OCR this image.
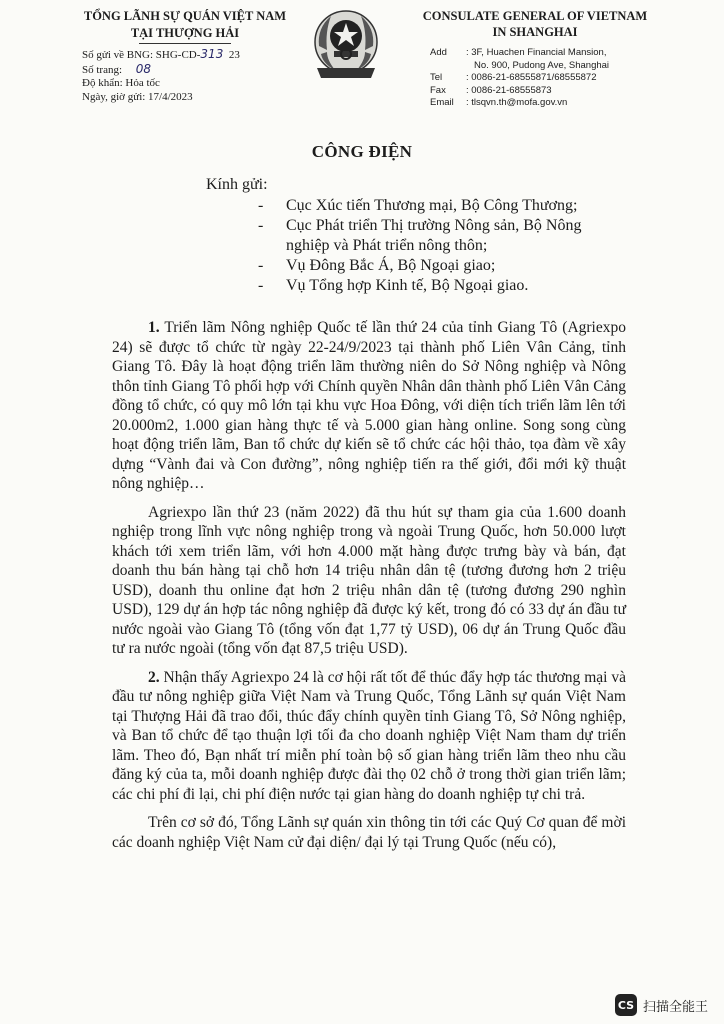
TỔNG LÃNH SỰ QUÁN VIỆT NAM
TẠI THƯỢNG HẢI
Số gửi về BNG: SHG-CD-313 23
Số trang: 08
Độ khẩn: Hỏa tốc
Ngày, giờ gửi: 17/4/2023
CONSULATE GENERAL OF VIETNAM
IN SHANGHAI
Add	: 3F, Huachen Financial Mansion,
No. 900, Pudong Ave, Shanghai
Tel	: 0086-21-68555871/68555872
Fax	: 0086-21-68555873
Email	: tlsqvn.th@mofa.gov.vn
CÔNG ĐIỆN
Kính gửi:
-	Cục Xúc tiến Thương mại, Bộ Công Thương;
-	Cục Phát triển Thị trường Nông sản, Bộ Nông nghiệp và Phát triển nông thôn;
-	Vụ Đông Bắc Á, Bộ Ngoại giao;
-	Vụ Tổng hợp Kinh tế, Bộ Ngoại giao.

1. Triển lãm Nông nghiệp Quốc tế lần thứ 24 của tỉnh Giang Tô (Agriexpo 24) sẽ được tổ chức từ ngày 22-24/9/2023 tại thành phố Liên Vân Cảng, tỉnh Giang Tô. Đây là hoạt động triển lãm thường niên do Sở Nông nghiệp và Nông thôn tỉnh Giang Tô phối hợp với Chính quyền Nhân dân thành phố Liên Vân Cảng đồng tổ chức, có quy mô lớn tại khu vực Hoa Đông, với diện tích triển lãm lên tới 20.000m2, 1.000 gian hàng thực tế và 5.000 gian hàng online. Song song cùng hoạt động triển lãm, Ban tổ chức dự kiến sẽ tổ chức các hội thảo, tọa đàm về xây dựng “Vành đai và Con đường”, nông nghiệp tiến ra thế giới, đổi mới kỹ thuật nông nghiệp…

Agriexpo lần thứ 23 (năm 2022) đã thu hút sự tham gia của 1.600 doanh nghiệp trong lĩnh vực nông nghiệp trong và ngoài Trung Quốc, hơn 50.000 lượt khách tới xem triển lãm, với hơn 4.000 mặt hàng được trưng bày và bán, đạt doanh thu bán hàng tại chỗ hơn 14 triệu nhân dân tệ (tương đương hơn 2 triệu USD), doanh thu online đạt hơn 2 triệu nhân dân tệ (tương đương 290 nghìn USD), 129 dự án hợp tác nông nghiệp đã được ký kết, trong đó có 33 dự án đầu tư nước ngoài vào Giang Tô (tổng vốn đạt 1,77 tỷ USD), 06 dự án Trung Quốc đầu tư ra nước ngoài (tổng vốn đạt 87,5 triệu USD).

2. Nhận thấy Agriexpo 24 là cơ hội rất tốt để thúc đẩy hợp tác thương mại và đầu tư nông nghiệp giữa Việt Nam và Trung Quốc, Tổng Lãnh sự quán Việt Nam tại Thượng Hải đã trao đổi, thúc đẩy chính quyền tỉnh Giang Tô, Sở Nông nghiệp, và Ban tổ chức để tạo thuận lợi tối đa cho doanh nghiệp Việt Nam tham dự triển lãm. Theo đó, Bạn nhất trí miễn phí toàn bộ số gian hàng triển lãm theo nhu cầu đăng ký của ta, mỗi doanh nghiệp được đài thọ 02 chỗ ở trong thời gian triển lãm; các chi phí đi lại, chi phí điện nước tại gian hàng do doanh nghiệp tự chi trả.

Trên cơ sở đó, Tổng Lãnh sự quán xin thông tin tới các Quý Cơ quan để mời các doanh nghiệp Việt Nam cử đại diện/ đại lý tại Trung Quốc (nếu có),

CS 扫描全能王
